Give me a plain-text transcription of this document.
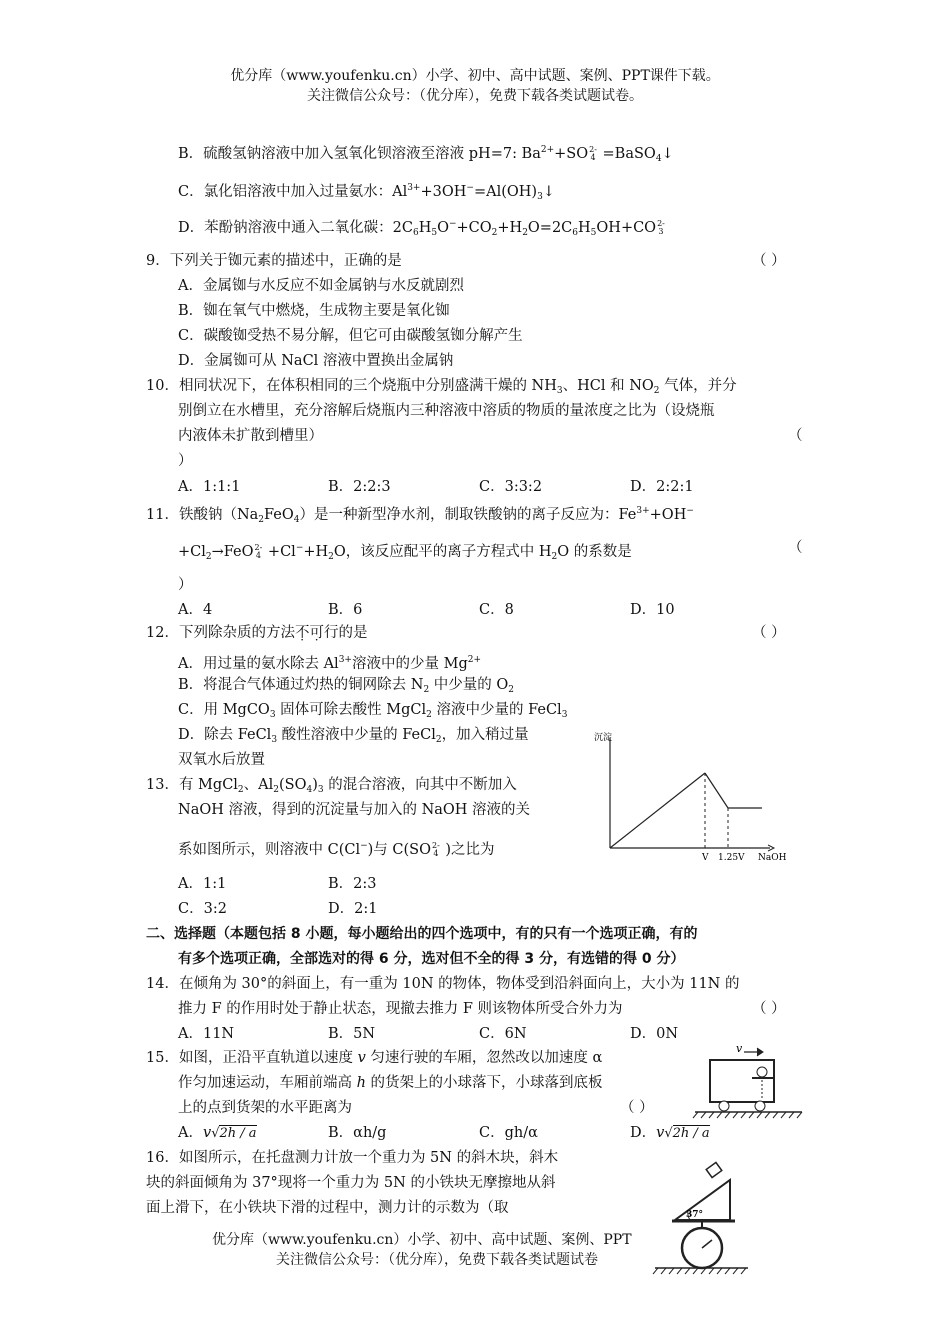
优分库（www.youfenku.cn）小学、初中、高中试题、案例、PPT课件下载。
关注微信公众号：（优分库），免费下载各类试题试卷。
B．硫酸氢钠溶液中加入氢氧化钡溶液至溶液 pH=7: $Ba^{2+}+SO$ 2-
4 =BaSO$_4$↓
C．氯化铝溶液中加入过量氨水：$Al^{3+}+3OH^-=Al(OH)_3↓$
D．苯酚钠溶液中通入二氧化碳：$2C_6H_5O^-+CO_2+H_2O=2C_6H_5OH+CO$ 2-
3
9．下列关于铷元素的描述中，正确的是	（ ）
A．金属铷与水反应不如金属钠与水反就剧烈
B．铷在氧气中燃烧，生成物主要是氧化铷
C．碳酸铷受热不易分解，但它可由碳酸氢铷分解产生
D．金属铷可从 NaCl 溶液中置换出金属钠
10．相同状况下，在体积相同的三个烧瓶中分别盛满干燥的 $NH_3$、HCl 和 $NO_2$ 气体，并分
别倒立在水槽里，充分溶解后烧瓶内三种溶液中溶质的物质的量浓度之比为（设烧瓶
内液体未扩散到槽里）	（
）
A．1:1:1	B．2:2:3	C．3:3:2	D．2:2:1
11．铁酸钠$(Na_2FeO_4)$是一种新型净水剂，制取铁酸钠的离子反应为：$Fe^{3+}+OH^-$
$+Cl_2\to FeO$ 2-
$4 +Cl^-+H_2O$，该反应配平的离子方程式中 $H_2O$ 的系数是	（
）
A．4	B．6	C．8	D．10
12．下列除杂质的方法不可行的是	（ ）
A．用过量的氨水除去 $Al^{3+}$溶液中的少量 $Mg^{2+}$
B．将混合气体通过灼热的铜网除去 $N_2$ 中少量的 $O_2$
C．用 MgCO$_3$ 固体可除去酸性 MgCl$_2$ 溶液中少量的 FeCl$_3$
D．除去 FeCl$_3$ 酸性溶液中少量的 FeCl$_2$，加入稍过量
双氧水后放置
13．有 MgCl$_2$、$Al_2(SO_4)_3$ 的混合溶液，向其中不断加入
NaOH 溶液，得到的沉淀量与加入的 NaOH 溶液的关
系如图所示，则溶液中 C(Cl−)与 C(SO 2-
4 )之比为
A．1:1	B．2:3
C．3:2	D．2:1
沉淀
V 1.25V NaOH
二、选择题（本题包括 8 小题，每小题给出的四个选项中，有的只有一个选项正确，有的
有多个选项正确，全部选对的得 6 分，选对但不全的得 3 分，有选错的得 0 分）
14．在倾角为 30°的斜面上，有一重为 10N 的物体，物体受到沿斜面向上，大小为 11N 的
推力 F 的作用时处于静止状态，现撤去推力 F 则该物体所受合外力为	（ ）
A．11N	B．5N	C．6N	D．0N
15．如图，正沿平直轨道以速度 v 匀速行驶的车厢，忽然改以加速度 α
作匀加速运动，车厢前端高 h 的货架上的小球落下，小球落到底板
上的点到货架的水平距离为	（ ）
A．v√2h / a	B．αh/g	C．gh/α	D．v√2h / a
v
16．如图所示，在托盘测力计放一个重力为 5N 的斜木块，斜木
块的斜面倾角为 37°现将一个重力为 5N 的小铁块无摩擦地从斜
面上滑下，在小铁块下滑的过程中，测力计的示数为（取	37°
优分库（www.youfenku.cn）小学、初中、高中试题、案例、PPT
关注微信公众号：（优分库），免费下载各类试题试卷
